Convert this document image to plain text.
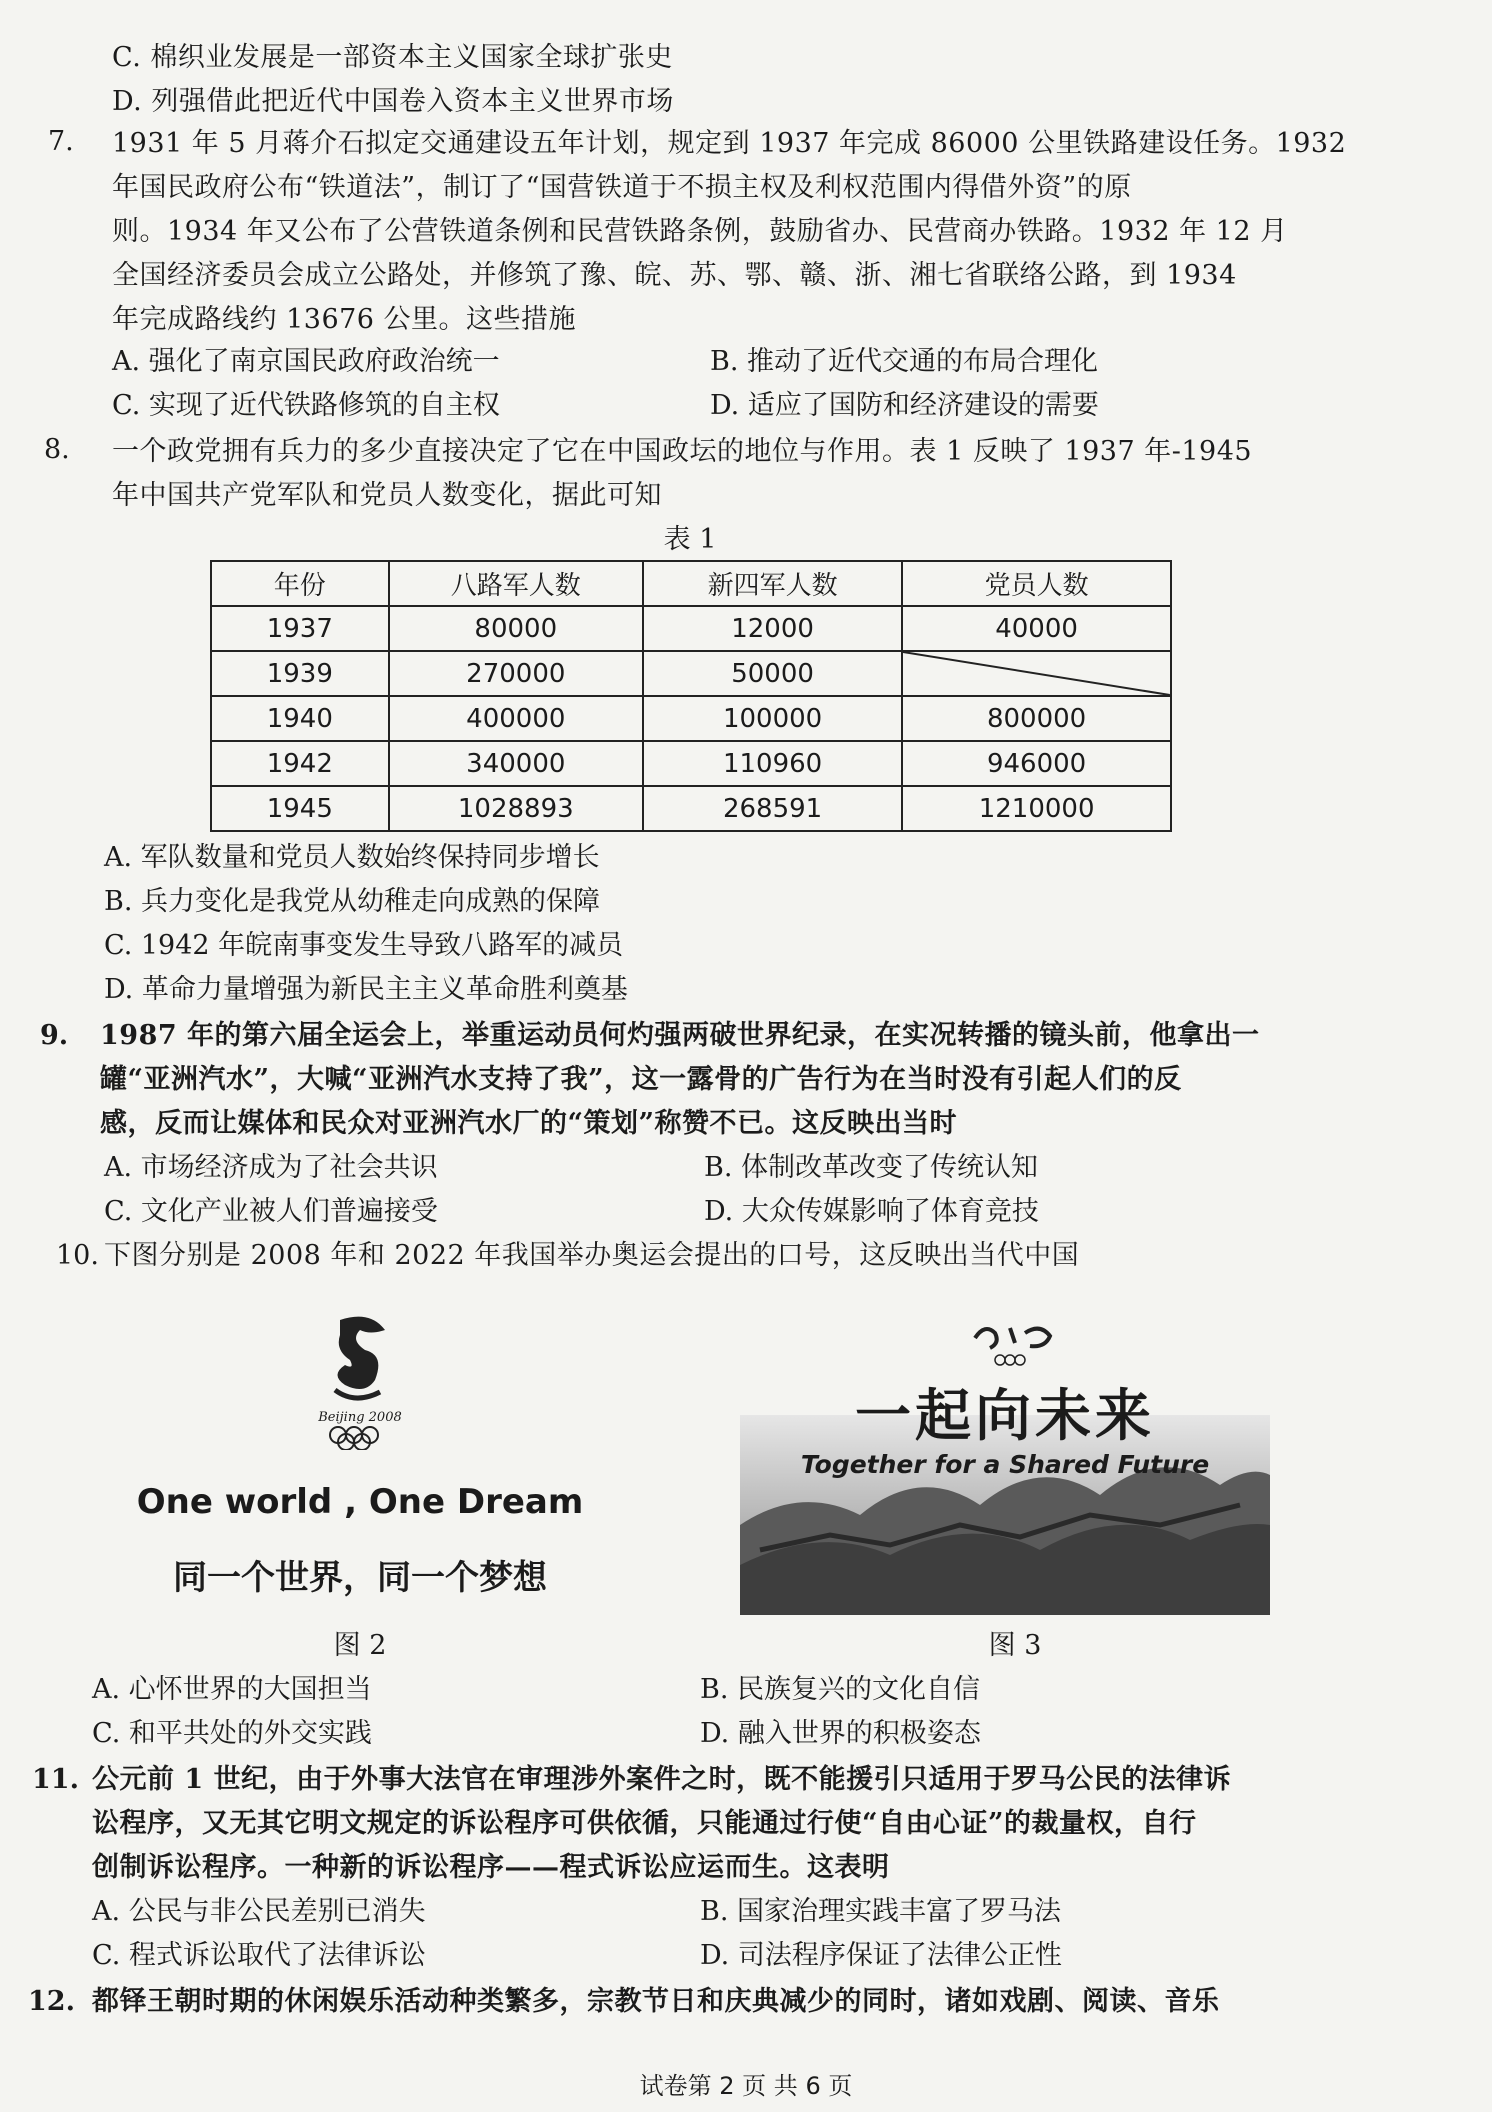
C. 棉织业发展是一部资本主义国家全球扩张史
D. 列强借此把近代中国卷入资本主义世界市场
7. 1931 年 5 月蒋介石拟定交通建设五年计划，规定到 1937 年完成 86000 公里铁路建设任务。1932
年国民政府公布“铁道法”，制订了“国营铁道于不损主权及利权范围内得借外资”的原
则。1934 年又公布了公营铁道条例和民营铁路条例，鼓励省办、民营商办铁路。1932 年 12 月
全国经济委员会成立公路处，并修筑了豫、皖、苏、鄂、赣、浙、湘七省联络公路，到 1934
年完成路线约 13676 公里。这些措施
A. 强化了南京国民政府政治统一	B. 推动了近代交通的布局合理化
C. 实现了近代铁路修筑的自主权	D. 适应了国防和经济建设的需要
8. 一个政党拥有兵力的多少直接决定了它在中国政坛的地位与作用。表 1 反映了 1937 年-1945
年中国共产党军队和党员人数变化，据此可知
表 1
年份	八路军人数	新四军人数	党员人数
1937	80000	12000	40000
1939	270000	50000	

1940	400000	100000	800000
1942	340000	110960	946000
1945	1028893	268591	1210000
A. 军队数量和党员人数始终保持同步增长
B. 兵力变化是我党从幼稚走向成熟的保障
C. 1942 年皖南事变发生导致八路军的减员
D. 革命力量增强为新民主主义革命胜利奠基
9. 1987 年的第六届全运会上，举重运动员何灼强两破世界纪录，在实况转播的镜头前，他拿出一
罐“亚洲汽水”，大喊“亚洲汽水支持了我”，这一露骨的广告行为在当时没有引起人们的反
感，反而让媒体和民众对亚洲汽水厂的“策划”称赞不已。这反映出当时
A. 市场经济成为了社会共识	B. 体制改革改变了传统认知
C. 文化产业被人们普遍接受	D. 大众传媒影响了体育竞技
10. 下图分别是 2008 年和 2022 年我国举办奥运会提出的口号，这反映出当代中国
Beijing 2008
One world , One Dream
同一个世界，同一个梦想
图 2
一起向未来
Together for a Shared Future
图 3
A. 心怀世界的大国担当	B. 民族复兴的文化自信
C. 和平共处的外交实践	D. 融入世界的积极姿态
11. 公元前 1 世纪，由于外事大法官在审理涉外案件之时，既不能援引只适用于罗马公民的法律诉
讼程序，又无其它明文规定的诉讼程序可供依循，只能通过行使“自由心证”的裁量权，自行
创制诉讼程序。一种新的诉讼程序——程式诉讼应运而生。这表明
A. 公民与非公民差别已消失	B. 国家治理实践丰富了罗马法
C. 程式诉讼取代了法律诉讼	D. 司法程序保证了法律公正性
12. 都铎王朝时期的休闲娱乐活动种类繁多，宗教节日和庆典减少的同时，诸如戏剧、阅读、音乐
试卷第 2 页 共 6 页
